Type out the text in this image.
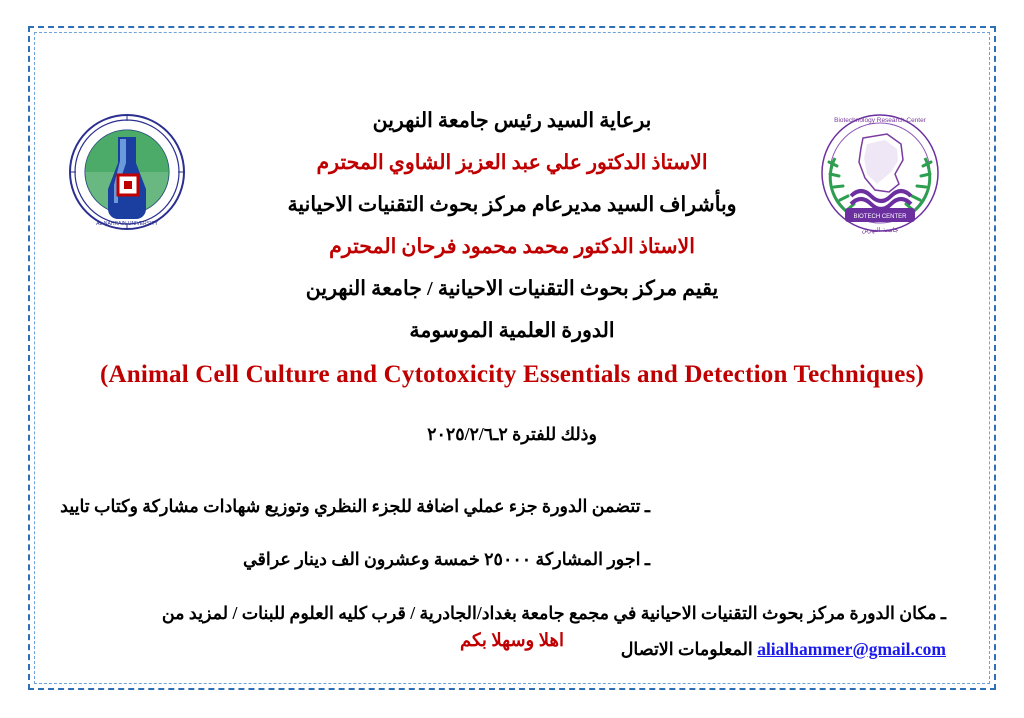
AL-NAHRAIN UNIVERSITY
BIOTECH CENTER
Biotechnology Research Center
جامعة النهرين

برعاية السيد رئيس جامعة النهرين

الاستاذ الدكتور علي عبد العزيز الشاوي المحترم

وبأشراف السيد مديرعام مركز بحوث التقنيات الاحيانية

الاستاذ الدكتور محمد محمود فرحان المحترم

يقيم مركز بحوث التقنيات الاحيانية / جامعة النهرين

الدورة العلمية الموسومة

(Animal Cell Culture and Cytotoxicity Essentials and Detection Techniques)

وذلك للفترة ٢ـ٢٠٢٥/٢/٦

ـ تتضمن الدورة جزء عملي اضافة للجزء النظري وتوزيع شهادات مشاركة وكتاب تاييد

ـ اجور المشاركة ٢٥٠٠٠ خمسة وعشرون الف دينار عراقي

ـ مكان الدورة مركز بحوث التقنيات الاحيانية في مجمع جامعة بغداد/الجادرية / قرب كليه العلوم للبنات / لمزيد من
alialhammer@gmail.com المعلومات الاتصال

اهلا وسهلا بكم
